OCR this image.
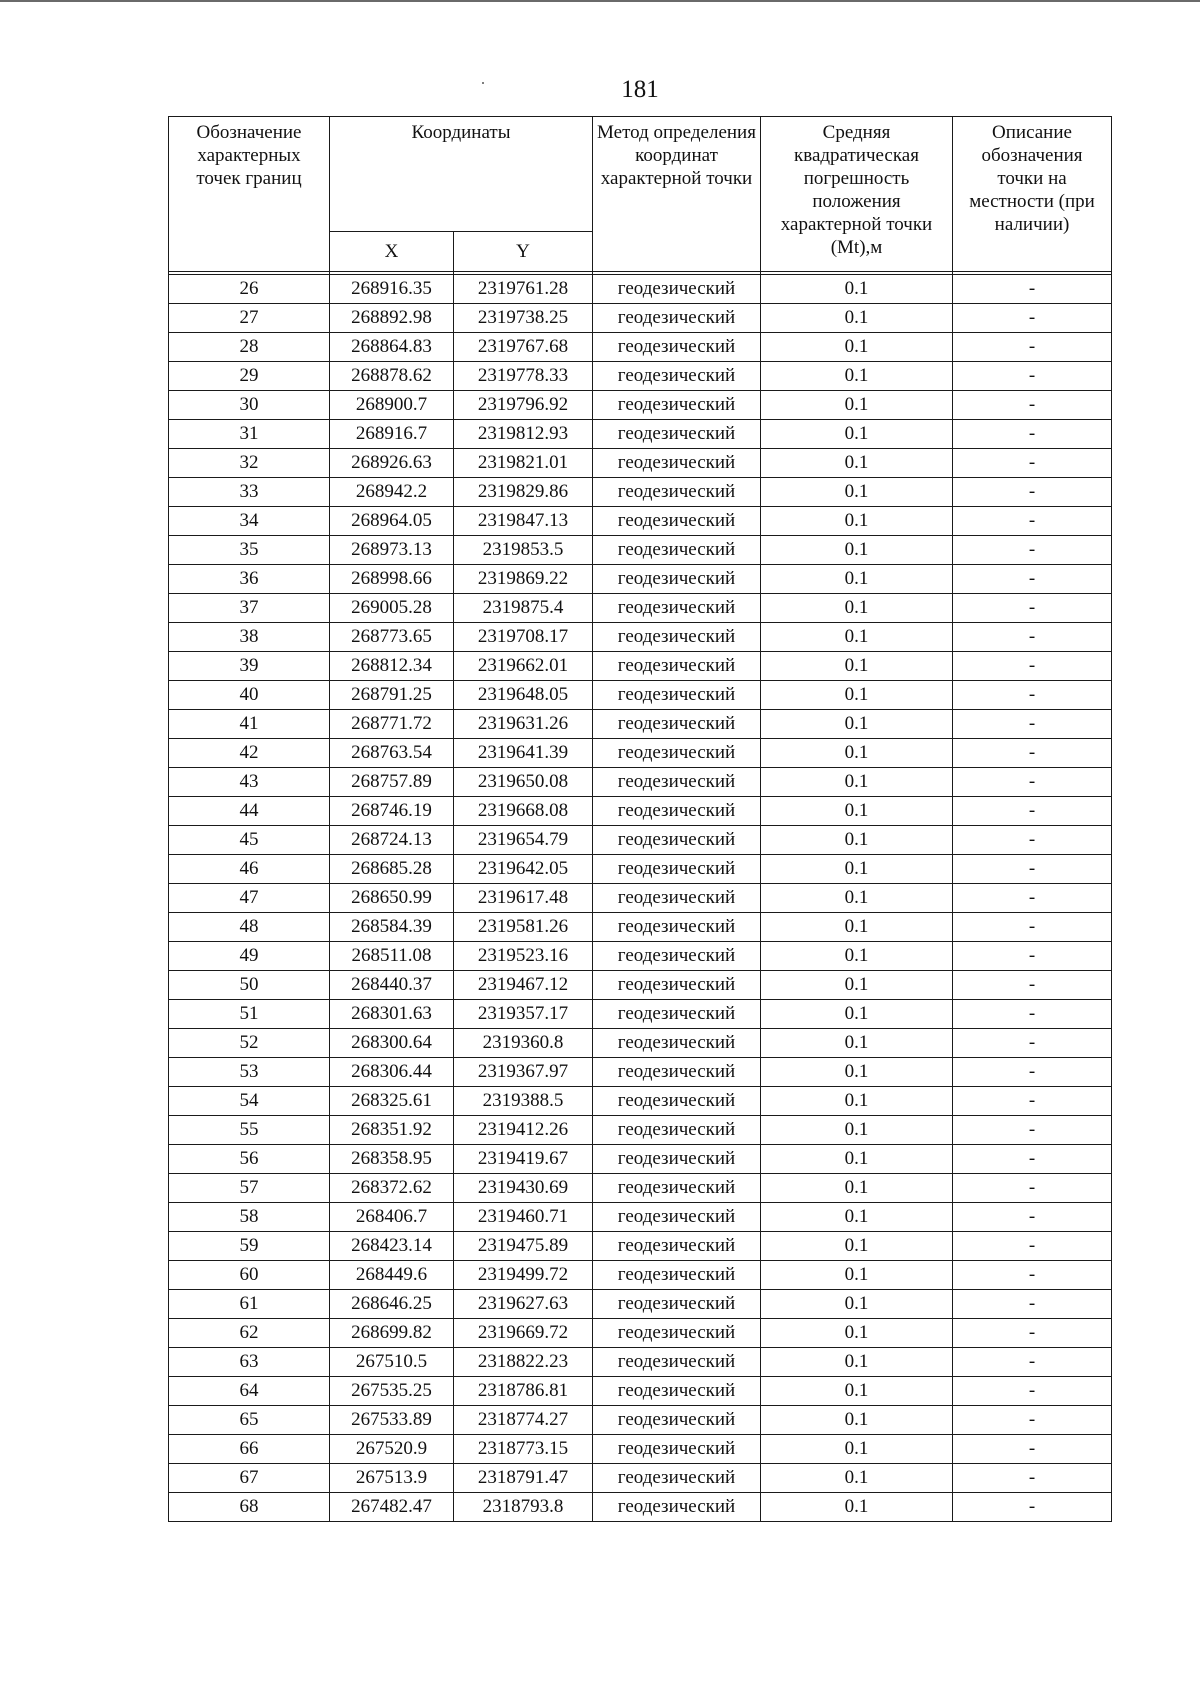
181
Обозначение характерных точек границ	Координаты		Метод определения координат характерной точки	Средняя квадратическая погрешность положения характерной точки (Mt),м	Описание обозначения точки на местности (при наличии)

	X	Y			

26	268916.35	2319761.28	геодезический	0.1	-
27	268892.98	2319738.25	геодезический	0.1	-
28	268864.83	2319767.68	геодезический	0.1	-
29	268878.62	2319778.33	геодезический	0.1	-
30	268900.7	2319796.92	геодезический	0.1	-
31	268916.7	2319812.93	геодезический	0.1	-
32	268926.63	2319821.01	геодезический	0.1	-
33	268942.2	2319829.86	геодезический	0.1	-
34	268964.05	2319847.13	геодезический	0.1	-
35	268973.13	2319853.5	геодезический	0.1	-
36	268998.66	2319869.22	геодезический	0.1	-
37	269005.28	2319875.4	геодезический	0.1	-
38	268773.65	2319708.17	геодезический	0.1	-
39	268812.34	2319662.01	геодезический	0.1	-
40	268791.25	2319648.05	геодезический	0.1	-
41	268771.72	2319631.26	геодезический	0.1	-
42	268763.54	2319641.39	геодезический	0.1	-
43	268757.89	2319650.08	геодезический	0.1	-
44	268746.19	2319668.08	геодезический	0.1	-
45	268724.13	2319654.79	геодезический	0.1	-
46	268685.28	2319642.05	геодезический	0.1	-
47	268650.99	2319617.48	геодезический	0.1	-
48	268584.39	2319581.26	геодезический	0.1	-
49	268511.08	2319523.16	геодезический	0.1	-
50	268440.37	2319467.12	геодезический	0.1	-
51	268301.63	2319357.17	геодезический	0.1	-
52	268300.64	2319360.8	геодезический	0.1	-
53	268306.44	2319367.97	геодезический	0.1	-
54	268325.61	2319388.5	геодезический	0.1	-
55	268351.92	2319412.26	геодезический	0.1	-
56	268358.95	2319419.67	геодезический	0.1	-
57	268372.62	2319430.69	геодезический	0.1	-
58	268406.7	2319460.71	геодезический	0.1	-
59	268423.14	2319475.89	геодезический	0.1	-
60	268449.6	2319499.72	геодезический	0.1	-
61	268646.25	2319627.63	геодезический	0.1	-
62	268699.82	2319669.72	геодезический	0.1	-
63	267510.5	2318822.23	геодезический	0.1	-
64	267535.25	2318786.81	геодезический	0.1	-
65	267533.89	2318774.27	геодезический	0.1	-
66	267520.9	2318773.15	геодезический	0.1	-
67	267513.9	2318791.47	геодезический	0.1	-
68	267482.47	2318793.8	геодезический	0.1	-
